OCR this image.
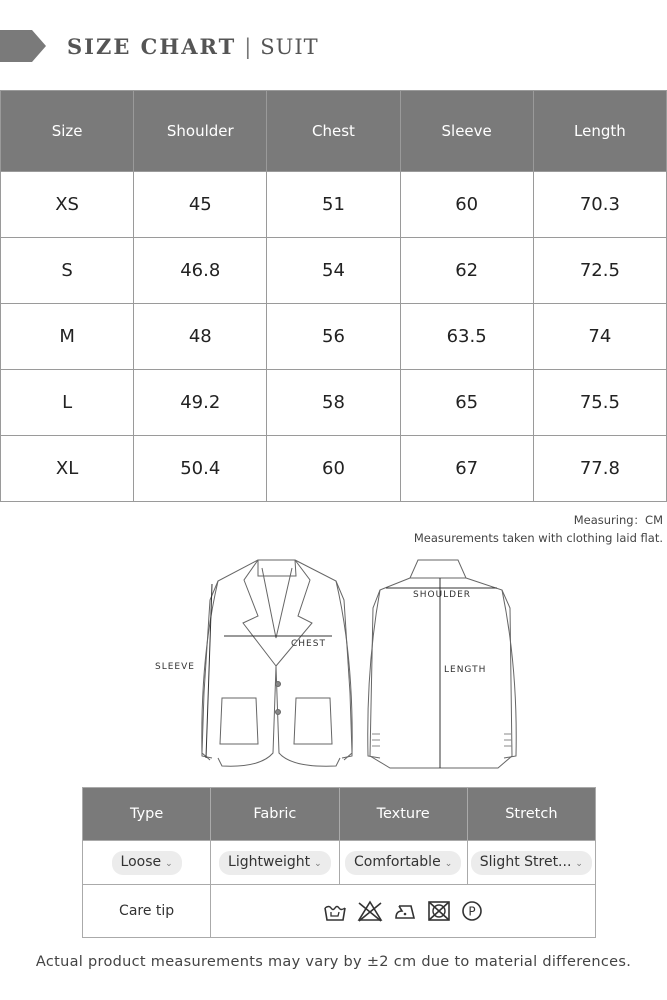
SIZE CHART | SUIT
Size	Shoulder	Chest	Sleeve	Length
XS	45	51	60	70.3
S	46.8	54	62	72.5
M	48	56	63.5	74
L	49.2	58	65	75.5
XL	50.4	60	67	77.8
Measuring：CM
Measurements taken with clothing laid flat.
SLEEVE
CHEST
SHOULDER
LENGTH
Type	Fabric	Texture	Stretch
Loose ⌄	Lightweight ⌄	Comfortable ⌄	Slight Stret... ⌄
Care tip	P		
Actual product measurements may vary by ±2 cm due to material differences.
